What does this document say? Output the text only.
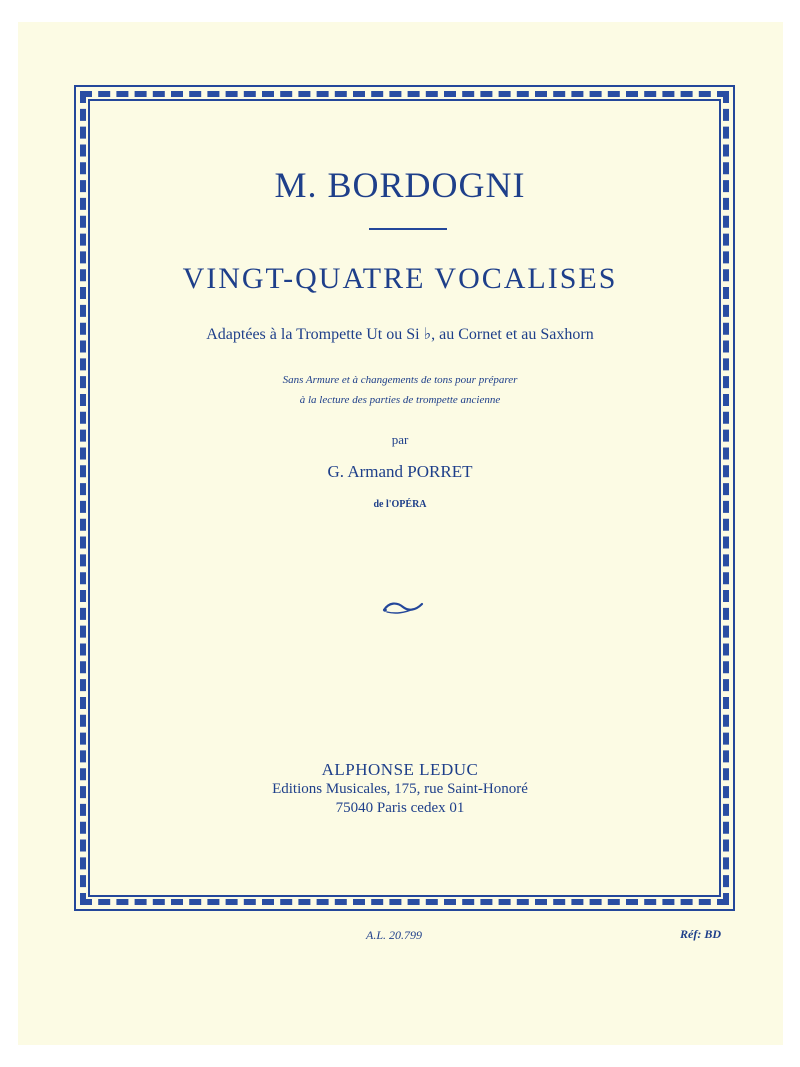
M. BORDOGNI
VINGT-QUATRE VOCALISES
Adaptées à la Trompette Ut ou Si ♭, au Cornet et au Saxhorn
Sans Armure et à changements de tons pour préparer
à la lecture des parties de trompette ancienne
par
G. Armand PORRET
de l'OPÉRA
ALPHONSE LEDUC
Editions Musicales, 175, rue Saint-Honoré
75040 Paris cedex 01
A.L. 20.799	Réf: BD
